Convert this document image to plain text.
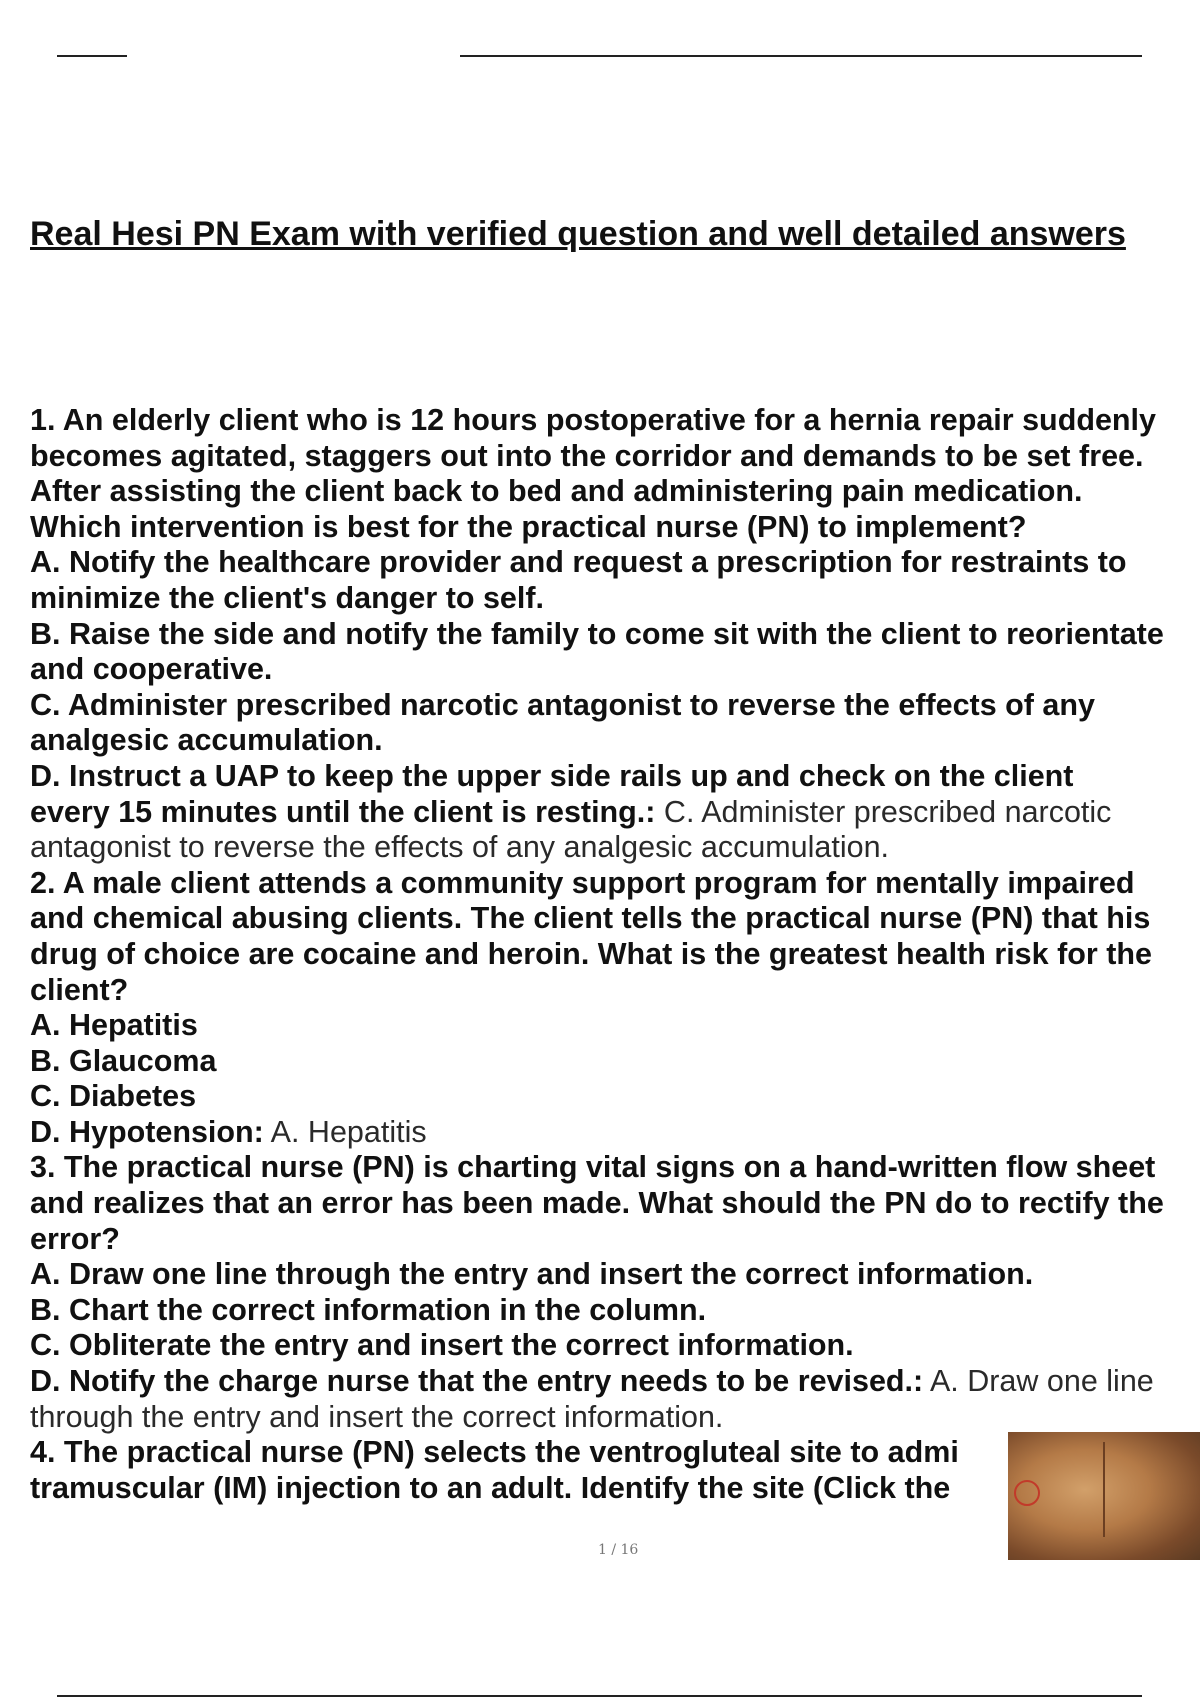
Real Hesi PN Exam with verified question and well detailed answers
1. An elderly client who is 12 hours postoperative for a hernia repair suddenly
becomes agitated, staggers out into the corridor and demands to be set free.
After assisting the client back to bed and administering pain medication.
Which intervention is best for the practical nurse (PN) to implement?
A. Notify the healthcare provider and request a prescription for restraints to
minimize the client's danger to self.
B. Raise the side and notify the family to come sit with the client to reorientate
and cooperative.
C. Administer prescribed narcotic antagonist to reverse the effects of any
analgesic accumulation.
D. Instruct a UAP to keep the upper side rails up and check on the client
every 15 minutes until the client is resting.: C. Administer prescribed narcotic
antagonist to reverse the effects of any analgesic accumulation.
2. A male client attends a community support program for mentally impaired
and chemical abusing clients. The client tells the practical nurse (PN) that his
drug of choice are cocaine and heroin. What is the greatest health risk for the
client?
A. Hepatitis
B. Glaucoma
C. Diabetes
D. Hypotension: A. Hepatitis
3. The practical nurse (PN) is charting vital signs on a hand-written flow sheet
and realizes that an error has been made. What should the PN do to rectify the
error?
A. Draw one line through the entry and insert the correct information.
B. Chart the correct information in the column.
C. Obliterate the entry and insert the correct information.
D. Notify the charge nurse that the entry needs to be revised.: A. Draw one line
through the entry and insert the correct information.
4. The practical nurse (PN) selects the ventrogluteal site to admi
tramuscular (IM) injection to an adult. Identify the site (Click the
1 / 16
